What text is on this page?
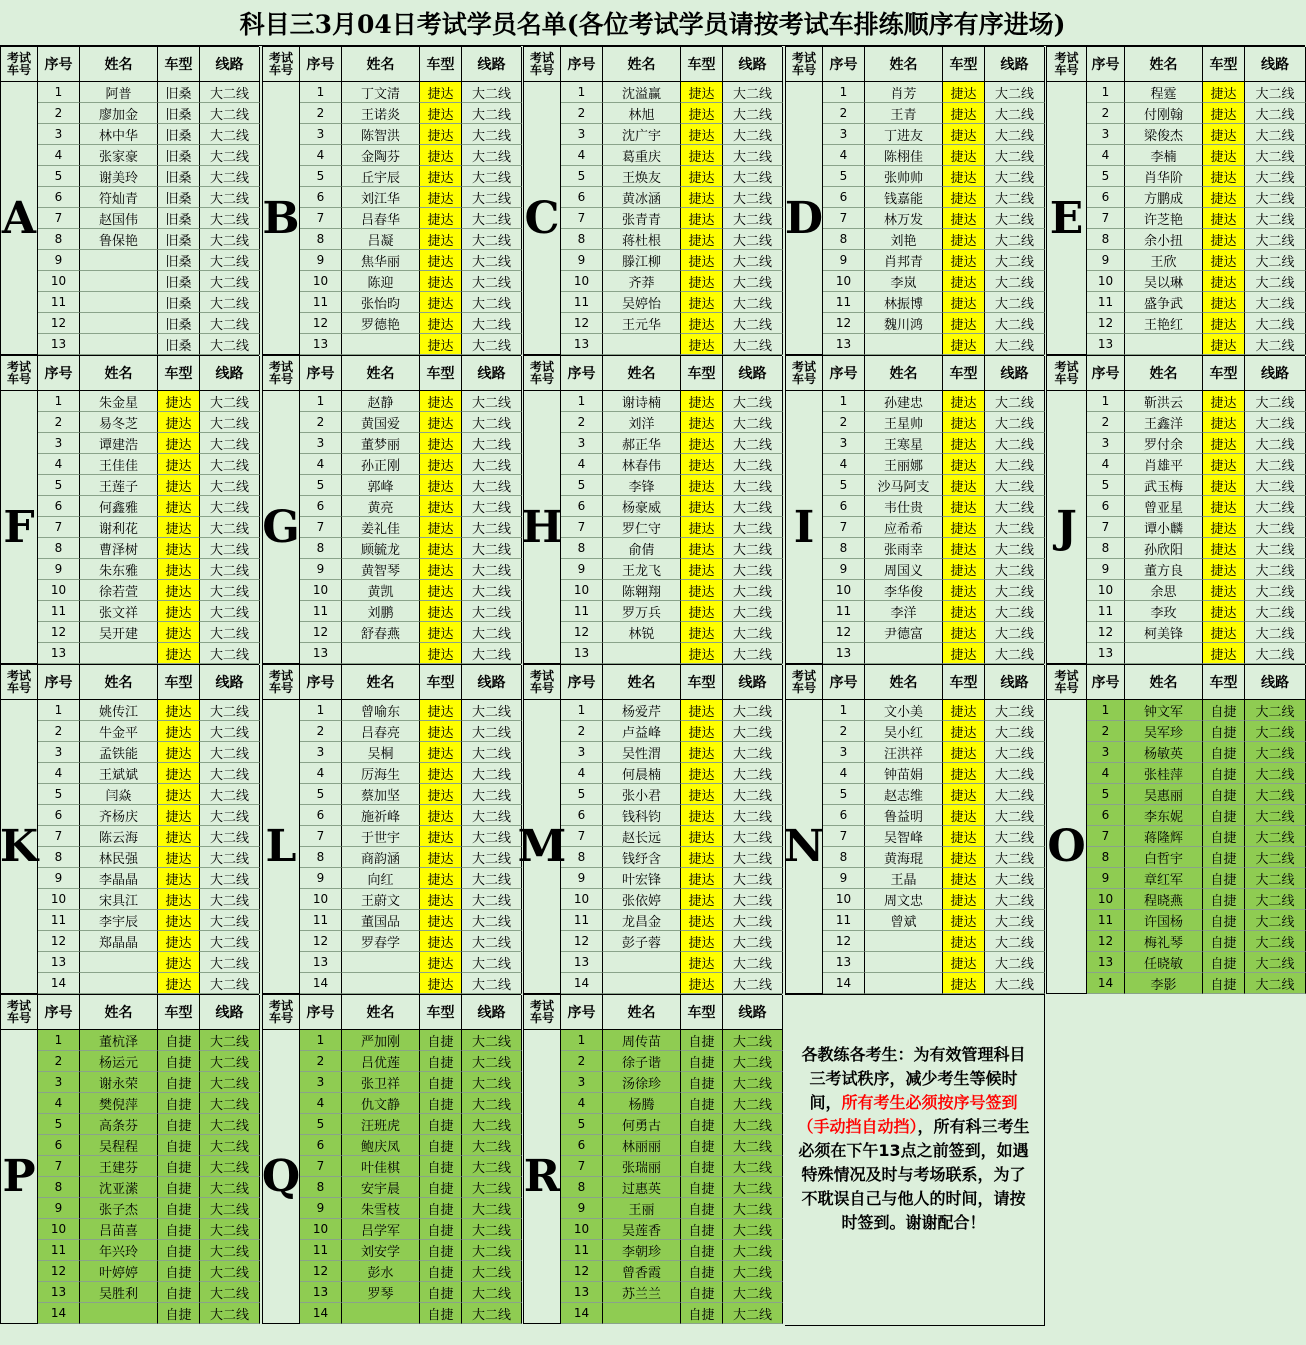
科目三3月04日考试学员名单(各位考试学员请按考试车排练顺序有序进场)
考试
车号 序号	姓名	车型	线路
A
1	阿普	旧桑	大二线
2	廖加金	旧桑	大二线
3	林中华	旧桑	大二线
4	张家豪	旧桑	大二线
5	谢美玲	旧桑	大二线
6	符灿青	旧桑	大二线
7	赵国伟	旧桑	大二线
8	鲁保艳	旧桑	大二线
9	旧桑	大二线
10	旧桑	大二线
11	旧桑	大二线
12	旧桑	大二线
13	旧桑	大二线
考试
车号 序号	姓名	车型	线路
B
1	丁文清	捷达	大二线
2	王诺炎	捷达	大二线
3	陈智洪	捷达	大二线
4	金陶芬	捷达	大二线
5	丘宇辰	捷达	大二线
6	刘江华	捷达	大二线
7	吕春华	捷达	大二线
8	吕凝	捷达	大二线
9	焦华丽	捷达	大二线
10	陈迎	捷达	大二线
11	张怡昀	捷达	大二线
12	罗德艳	捷达	大二线
13	捷达	大二线
考试
车号 序号	姓名	车型	线路
C
1	沈溢赢	捷达	大二线
2	林旭	捷达	大二线
3	沈广宇	捷达	大二线
4	葛重庆	捷达	大二线
5	王焕友	捷达	大二线
6	黄冰涵	捷达	大二线
7	张青青	捷达	大二线
8	蒋杜根	捷达	大二线
9	滕江柳	捷达	大二线
10	齐莽	捷达	大二线
11	吴婷怡	捷达	大二线
12	王元华	捷达	大二线
13	捷达	大二线
考试
车号 序号	姓名	车型	线路
D
1	肖芳	捷达	大二线
2	王青	捷达	大二线
3	丁进友	捷达	大二线
4	陈栩佳	捷达	大二线
5	张帅帅	捷达	大二线
6	钱嘉能	捷达	大二线
7	林万发	捷达	大二线
8	刘艳	捷达	大二线
9	肖邦青	捷达	大二线
10	李岚	捷达	大二线
11	林振博	捷达	大二线
12	魏川鸿	捷达	大二线
13	捷达	大二线
考试
车号 序号	姓名	车型	线路
E
1	程霆	捷达	大二线
2	付刚翰	捷达	大二线
3	梁俊杰	捷达	大二线
4	李楠	捷达	大二线
5	肖华阶	捷达	大二线
6	方鹏成	捷达	大二线
7	许芝艳	捷达	大二线
8	余小扭	捷达	大二线
9	王欣	捷达	大二线
10	吴以琳	捷达	大二线
11	盛争武	捷达	大二线
12	王艳红	捷达	大二线
13	捷达	大二线
考试
车号 序号	姓名	车型	线路
F
1	朱金星	捷达	大二线
2	易冬芝	捷达	大二线
3	谭建浩	捷达	大二线
4	王佳佳	捷达	大二线
5	王莲子	捷达	大二线
6	何鑫雅	捷达	大二线
7	谢利花	捷达	大二线
8	曹泽树	捷达	大二线
9	朱东雅	捷达	大二线
10	徐若萱	捷达	大二线
11	张文祥	捷达	大二线
12	吴开建	捷达	大二线
13	捷达	大二线
考试
车号 序号	姓名	车型	线路
G
1	赵静	捷达	大二线
2	黄国爱	捷达	大二线
3	董梦丽	捷达	大二线
4	孙正刚	捷达	大二线
5	郭峰	捷达	大二线
6	黄亮	捷达	大二线
7	姜礼佳	捷达	大二线
8	顾毓龙	捷达	大二线
9	黄智琴	捷达	大二线
10	黄凯	捷达	大二线
11	刘鹏	捷达	大二线
12	舒春燕	捷达	大二线
13	捷达	大二线
考试
车号 序号	姓名	车型	线路
H
1	谢诗楠	捷达	大二线
2	刘洋	捷达	大二线
3	郝正华	捷达	大二线
4	林春伟	捷达	大二线
5	李锋	捷达	大二线
6	杨豪威	捷达	大二线
7	罗仁守	捷达	大二线
8	俞倩	捷达	大二线
9	王龙飞	捷达	大二线
10	陈翱翔	捷达	大二线
11	罗万兵	捷达	大二线
12	林锐	捷达	大二线
13	捷达	大二线
考试
车号 序号	姓名	车型	线路
I
1	孙建忠	捷达	大二线
2	王星帅	捷达	大二线
3	王寒星	捷达	大二线
4	王丽娜	捷达	大二线
5	沙马阿支	捷达	大二线
6	韦仕贵	捷达	大二线
7	应希希	捷达	大二线
8	张雨幸	捷达	大二线
9	周国义	捷达	大二线
10	李华俊	捷达	大二线
11	李洋	捷达	大二线
12	尹德富	捷达	大二线
13	捷达	大二线
考试
车号 序号	姓名	车型	线路
J
1	靳洪云	捷达	大二线
2	王鑫洋	捷达	大二线
3	罗付余	捷达	大二线
4	肖雄平	捷达	大二线
5	武玉梅	捷达	大二线
6	曾亚星	捷达	大二线
7	谭小麟	捷达	大二线
8	孙欣阳	捷达	大二线
9	董方良	捷达	大二线
10	余思	捷达	大二线
11	李玫	捷达	大二线
12	柯美锋	捷达	大二线
13	捷达	大二线
考试
车号 序号	姓名	车型	线路
K
1	姚传江	捷达	大二线
2	牛金平	捷达	大二线
3	孟铁能	捷达	大二线
4	王斌斌	捷达	大二线
5	闫焱	捷达	大二线
6	齐杨庆	捷达	大二线
7	陈云海	捷达	大二线
8	林民强	捷达	大二线
9	李晶晶	捷达	大二线
10	宋具江	捷达	大二线
11	李宇辰	捷达	大二线
12	郑晶晶	捷达	大二线
13	捷达	大二线
14	捷达	大二线
考试
车号 序号	姓名	车型	线路
L
1	曾喻东	捷达	大二线
2	吕春亮	捷达	大二线
3	吴桐	捷达	大二线
4	厉海生	捷达	大二线
5	蔡加坚	捷达	大二线
6	施祈峰	捷达	大二线
7	于世宇	捷达	大二线
8	商韵涵	捷达	大二线
9	向红	捷达	大二线
10	王蔚文	捷达	大二线
11	董国品	捷达	大二线
12	罗春学	捷达	大二线
13	捷达	大二线
14	捷达	大二线
考试
车号 序号	姓名	车型	线路
M
1	杨爱芹	捷达	大二线
2	卢益峰	捷达	大二线
3	吴性渭	捷达	大二线
4	何晨楠	捷达	大二线
5	张小君	捷达	大二线
6	钱科钧	捷达	大二线
7	赵长远	捷达	大二线
8	钱纾含	捷达	大二线
9	叶宏锋	捷达	大二线
10	张依婷	捷达	大二线
11	龙昌金	捷达	大二线
12	彭子蓉	捷达	大二线
13	捷达	大二线
14	捷达	大二线
考试
车号 序号	姓名	车型	线路
N
1	文小美	捷达	大二线
2	吴小红	捷达	大二线
3	汪洪祥	捷达	大二线
4	钟苗娟	捷达	大二线
5	赵志维	捷达	大二线
6	鲁益明	捷达	大二线
7	吴智峰	捷达	大二线
8	黄海琨	捷达	大二线
9	王晶	捷达	大二线
10	周文忠	捷达	大二线
11	曾斌	捷达	大二线
12	捷达	大二线
13	捷达	大二线
14	捷达	大二线
考试
车号 序号	姓名	车型	线路
O
1	钟文军	自捷	大二线
2	吴军珍	自捷	大二线
3	杨敏英	自捷	大二线
4	张桂萍	自捷	大二线
5	吴惠丽	自捷	大二线
6	李东妮	自捷	大二线
7	蒋隆辉	自捷	大二线
8	白哲宇	自捷	大二线
9	章红军	自捷	大二线
10	程晓燕	自捷	大二线
11	许国杨	自捷	大二线
12	梅礼琴	自捷	大二线
13	任晓敏	自捷	大二线
14	李影	自捷	大二线
考试
车号 序号	姓名	车型	线路
P
1	董杭泽	自捷	大二线
2	杨运元	自捷	大二线
3	谢永荣	自捷	大二线
4	樊倪萍	自捷	大二线
5	高条芬	自捷	大二线
6	吴程程	自捷	大二线
7	王建芬	自捷	大二线
8	沈亚潆	自捷	大二线
9	张子杰	自捷	大二线
10	吕苗喜	自捷	大二线
11	年兴玲	自捷	大二线
12	叶婷婷	自捷	大二线
13	吴胜利	自捷	大二线
14	自捷	大二线
考试
车号 序号	姓名	车型	线路
Q
1	严加刚	自捷	大二线
2	吕优莲	自捷	大二线
3	张卫祥	自捷	大二线
4	仇文静	自捷	大二线
5	汪班虎	自捷	大二线
6	鲍庆凤	自捷	大二线
7	叶佳棋	自捷	大二线
8	安宇晨	自捷	大二线
9	朱雪枝	自捷	大二线
10	吕学军	自捷	大二线
11	刘安学	自捷	大二线
12	彭水	自捷	大二线
13	罗琴	自捷	大二线
14	自捷	大二线
考试
车号 序号	姓名	车型	线路
R
1	周传苗	自捷	大二线
2	徐子谐	自捷	大二线
3	汤徐珍	自捷	大二线
4	杨腾	自捷	大二线
5	何勇古	自捷	大二线
6	林丽丽	自捷	大二线
7	张瑞丽	自捷	大二线
8	过惠英	自捷	大二线
9	王丽	自捷	大二线
10	吴莲香	自捷	大二线
11	李朝珍	自捷	大二线
12	曾香霞	自捷	大二线
13	苏兰兰	自捷	大二线
14	自捷	大二线
各教练各考生：为有效管理科目三考试秩序，减少考生等候时间，所有考生必须按序号签到（手动挡自动挡），所有科三考生必须在下午13点之前签到，如遇特殊情况及时与考场联系，为了不耽误自己与他人的时间，请按时签到。谢谢配合！
